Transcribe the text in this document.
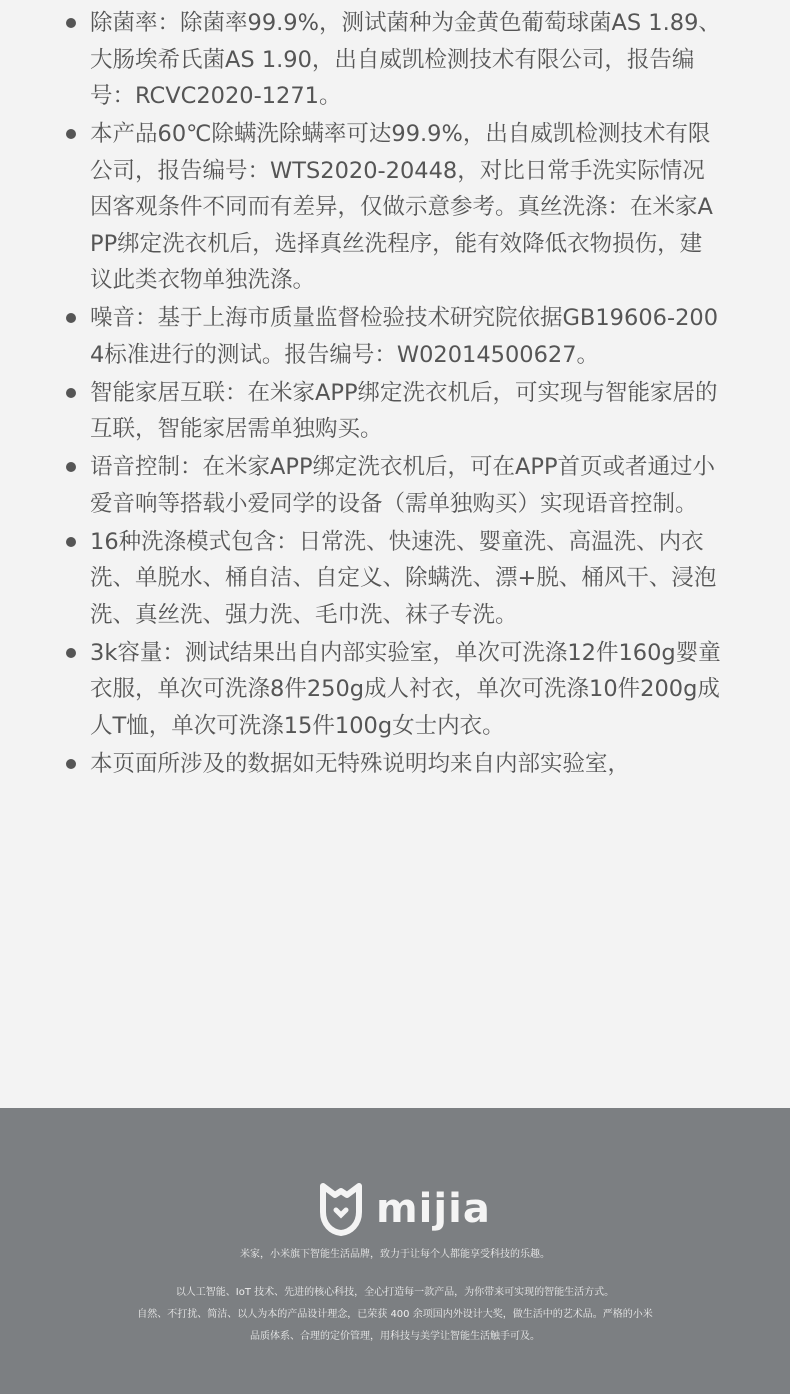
除菌率：除菌率99.9%，测试菌种为金黄色葡萄球菌AS 1.89、大肠埃希氏菌AS 1.90，出自威凯检测技术有限公司，报告编号：RCVC2020-1271。
本产品60℃除螨洗除螨率可达99.9%，出自威凯检测技术有限公司，报告编号：WTS2020-20448，对比日常手洗实际情况因客观条件不同而有差异，仅做示意参考。真丝洗涤：在米家APP绑定洗衣机后，选择真丝洗程序，能有效降低衣物损伤，建议此类衣物单独洗涤。
噪音：基于上海市质量监督检验技术研究院依据GB19606-2004标准进行的测试。报告编号：W02014500627。
智能家居互联：在米家APP绑定洗衣机后，可实现与智能家居的互联，智能家居需单独购买。
语音控制：在米家APP绑定洗衣机后，可在APP首页或者通过小爱音响等搭载小爱同学的设备（需单独购买）实现语音控制。
16种洗涤模式包含：日常洗、快速洗、婴童洗、高温洗、内衣洗、单脱水、桶自洁、自定义、除螨洗、漂+脱、桶风干、浸泡洗、真丝洗、强力洗、毛巾洗、袜子专洗。
3k容量：测试结果出自内部实验室，单次可洗涤12件160g婴童衣服，单次可洗涤8件250g成人衬衣，单次可洗涤10件200g成人T恤，单次可洗涤15件100g女士内衣。
本页面所涉及的数据如无特殊说明均来自内部实验室，
mijia
米家，小米旗下智能生活品牌，致力于让每个人都能享受科技的乐趣。
以人工智能、IoT 技术、先进的核心科技，全心打造每一款产品，为你带来可实现的智能生活方式。
自然、不打扰、简洁、以人为本的产品设计理念，已荣获 400 余项国内外设计大奖，做生活中的艺术品。严格的小米
品质体系、合理的定价管理，用科技与美学让智能生活触手可及。
